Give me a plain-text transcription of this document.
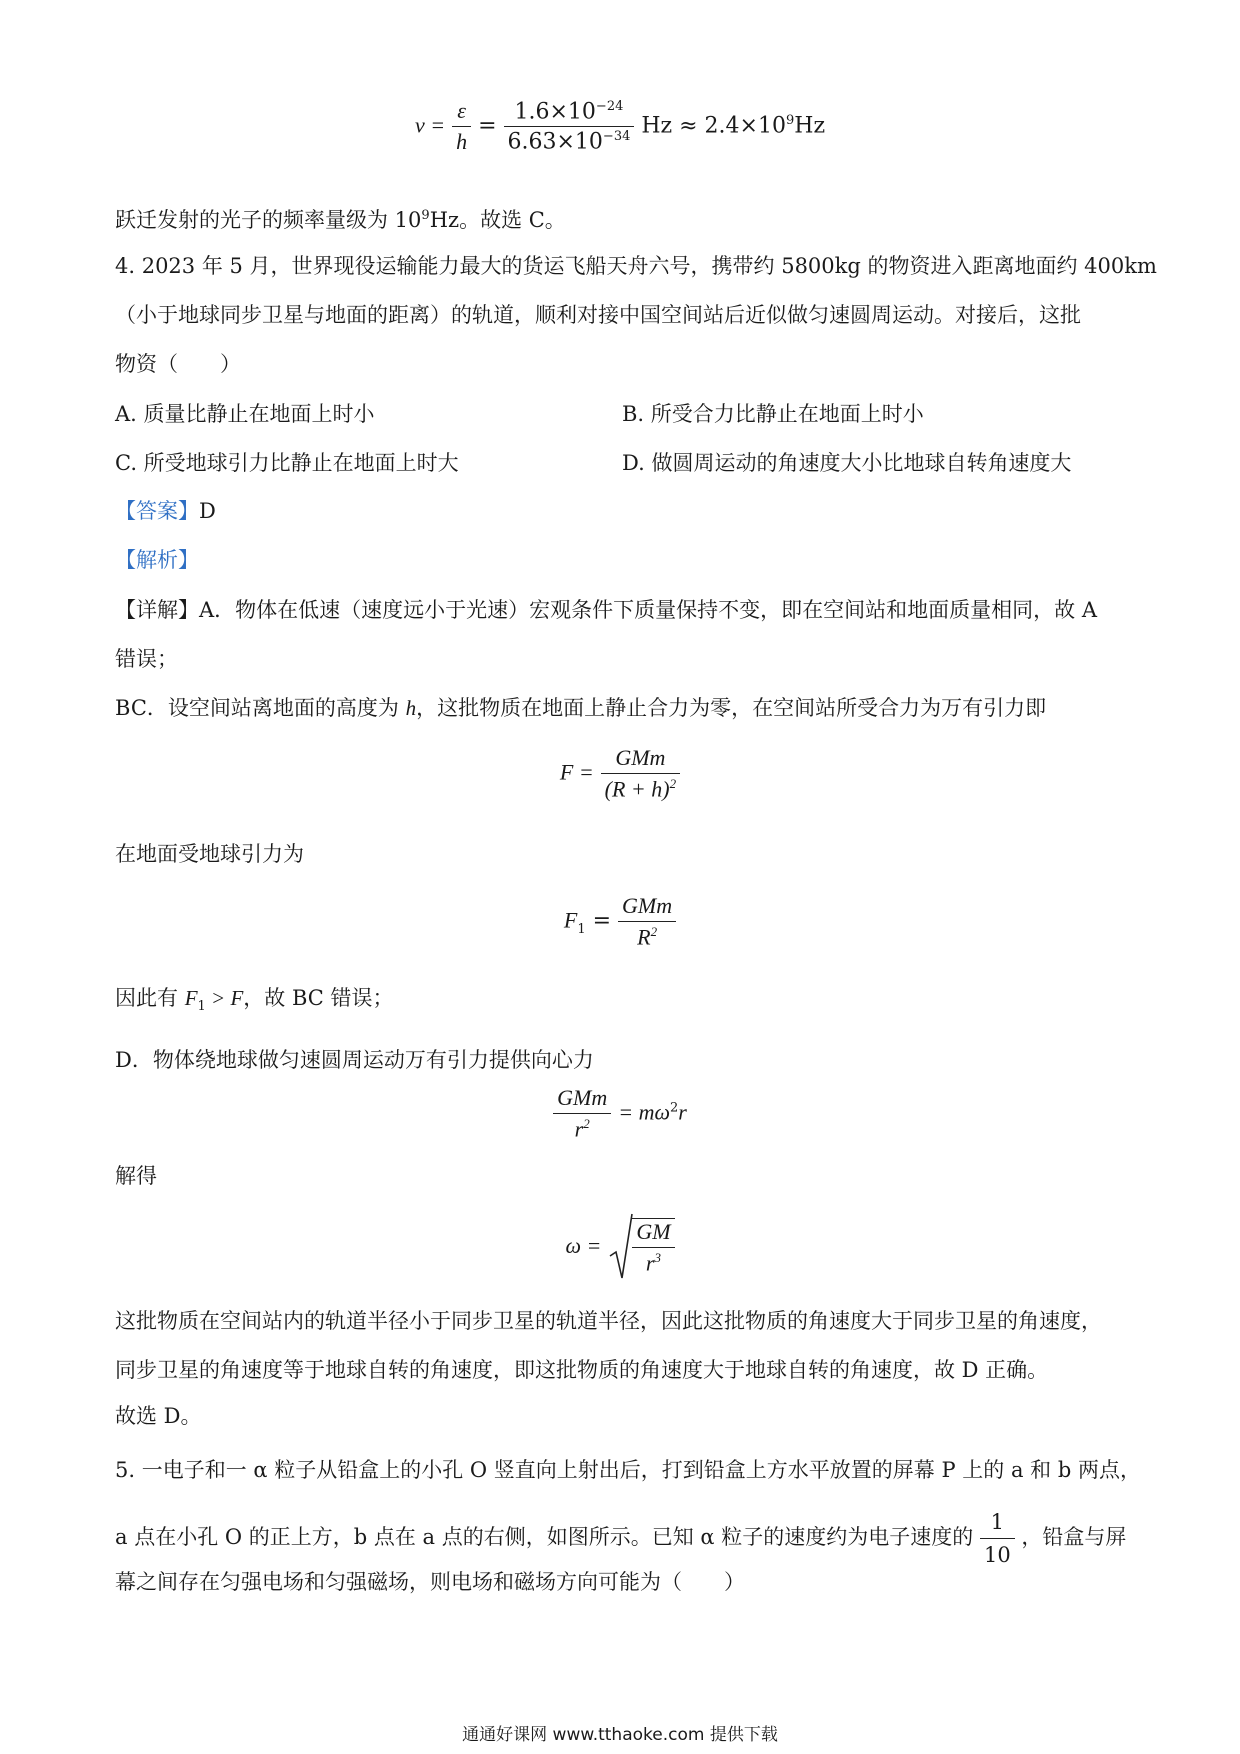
$\nu = \frac{\varepsilon}{h} = \frac{1.6\times 10^{-24}}{6.63\times 10^{-34}}$ $Hz \approx 2.4\times 10^9Hz$
跃迁发射的光子的频率量级为 $10^9Hz$。故选 C。
4. 2023 年 5 月，世界现役运输能力最大的货运飞船天舟六号，携带约 5800kg 的物资进入距离地面约 400km
（小于地球同步卫星与地面的距离）的轨道，顺利对接中国空间站后近似做匀速圆周运动。对接后，这批
物资（　　）
A. 质量比静止在地面上时小	B. 所受合力比静止在地面上时小
C. 所受地球引力比静止在地面上时大	D. 做圆周运动的角速度大小比地球自转角速度大
【答案】D
【解析】
【详解】A．物体在低速（速度远小于光速）宏观条件下质量保持不变，即在空间站和地面质量相同，故 A
错误；
BC．设空间站离地面的高度为 h，这批物质在地面上静止合力为零，在空间站所受合力为万有引力即
$F = \frac{\text{GMm}}{(R + h)^2}$
在地面受地球引力为
$F_1 = \frac{\text{GMm}}{R^2}$
因此有 $F_1 > F$，故 BC 错误；
D．物体绕地球做匀速圆周运动万有引力提供向心力
$\frac{\text{GMm}}{r^2} = m\omega^2r$
解得
$\omega = \frac{GM}{r^3}$
这批物质在空间站内的轨道半径小于同步卫星的轨道半径，因此这批物质的角速度大于同步卫星的角速度，
同步卫星的角速度等于地球自转的角速度，即这批物质的角速度大于地球自转的角速度，故 D 正确。
故选 D。
5. 一电子和一 α 粒子从铅盒上的小孔 O 竖直向上射出后，打到铅盒上方水平放置的屏幕 P 上的 a 和 b 两点，
a 点在小孔 O 的正上方，b 点在 a 点的右侧，如图所示。已知 α 粒子的速度约为电子速度的 $\frac{1}{10}$ ，铅盒与屏
幕之间存在匀强电场和匀强磁场，则电场和磁场方向可能为（　　）
通通好课网 www.tthaoke.com 提供下载
